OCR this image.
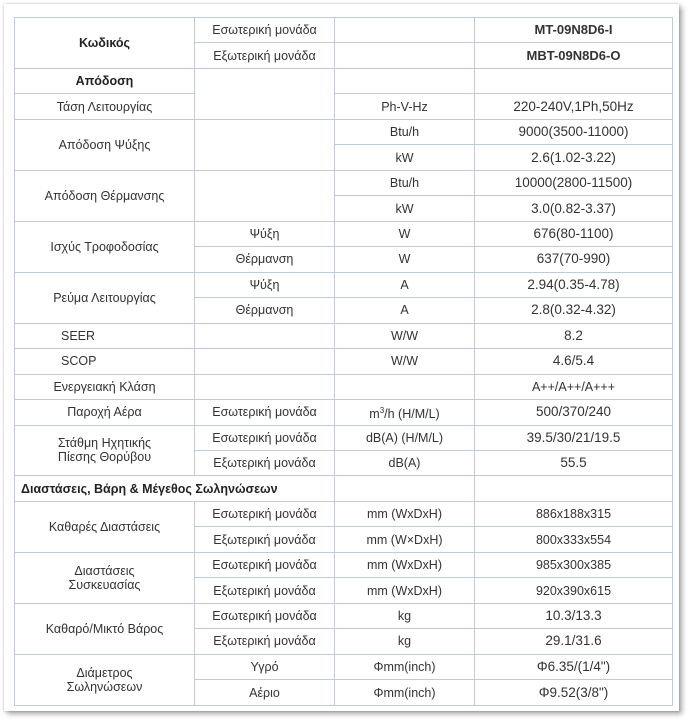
Κωδικός	Εσωτερική μονάδα		MT-09N8D6-I
	Εξωτερική μονάδα		MBT-09N8D6-O
Απόδοση			
Τάση Λειτουργίας		Ph-V-Hz	220-240V,1Ph,50Hz
Απόδοση Ψύξης		Btu/h	9000(3500-11000)
		kW	2.6(1.02-3.22)
Απόδοση Θέρμανσης		Btu/h	10000(2800-11500)
		kW	3.0(0.82-3.37)
Ισχύς Τροφοδοσίας	Ψύξη	W	676(80-1100)
	Θέρμανση	W	637(70-990)
Ρεύμα Λειτουργίας	Ψύξη	A	2.94(0.35-4.78)
	Θέρμανση	A	2.8(0.32-4.32)
SEER		W/W	8.2
SCOP		W/W	4.6/5.4
Ενεργειακή Κλάση			A++/A++/A+++
Παροχή Αέρα	Εσωτερική μονάδα	$m^3/h$ (H/M/L)	500/370/240
Στάθμη Ηχητικής
Πίεσης Θορύβου	Εσωτερική μονάδα	dB(A) (H/M/L)	39.5/30/21/19.5
	Εξωτερική μονάδα	dB(A)	55.5
Διαστάσεις, Βάρη & Μέγεθος Σωληνώσεων			
Καθαρές Διαστάσεις	Εσωτερική μονάδα	mm (WxDxH)	886x188x315
	Εξωτερική μονάδα	mm (W×DxH)	800x333x554
Διαστάσεις
Συσκευασίας	Εσωτερική μονάδα	mm (WxDxH)	985x300x385
	Εξωτερική μονάδα	mm (WxDxH)	920x390x615
Καθαρό/Μικτό Βάρος	Εσωτερική μονάδα	kg	10.3/13.3
	Εξωτερική μονάδα	kg	29.1/31.6
Διάμετρος
Σωληνώσεων	Υγρό	Φmm(inch)	Φ6.35/(1/4")
	Αέριο	Φmm(inch)	Φ9.52(3/8")
